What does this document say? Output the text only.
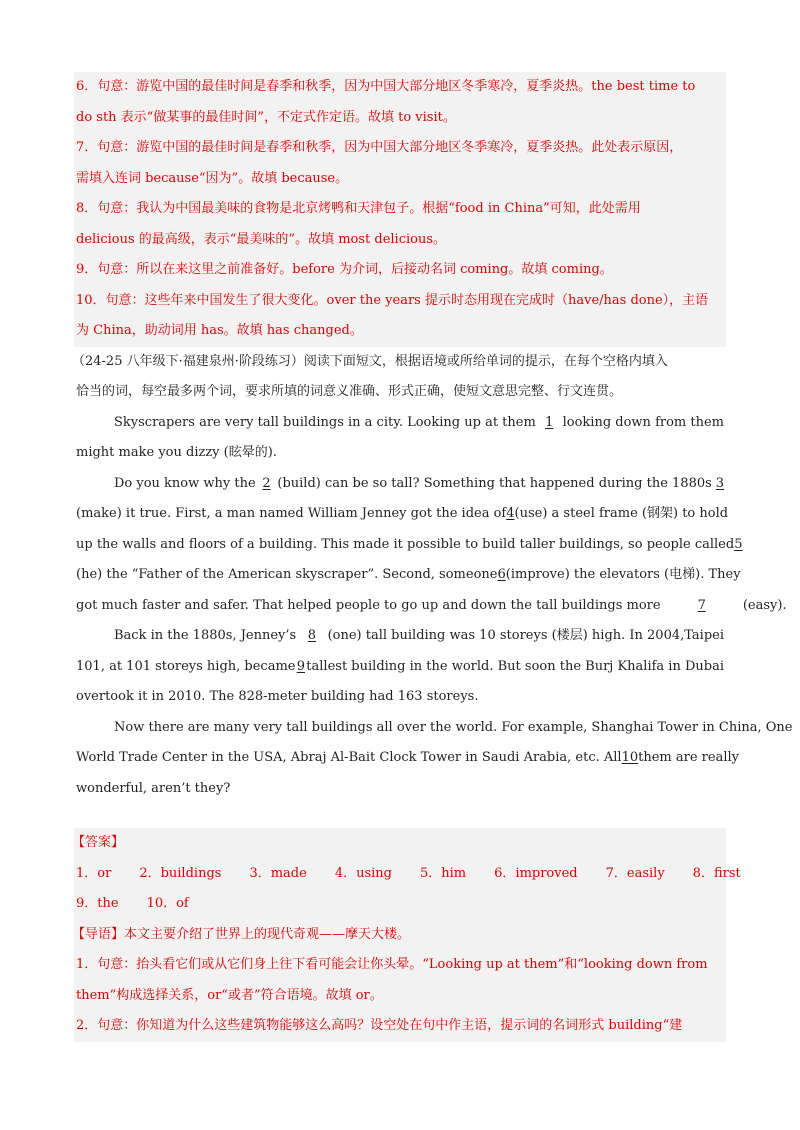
6．句意：游览中国的最佳时间是春季和秋季，因为中国大部分地区冬季寒冷，夏季炎热。the best time to
do sth 表示“做某事的最佳时间”，不定式作定语。故填 to visit。
7．句意：游览中国的最佳时间是春季和秋季，因为中国大部分地区冬季寒冷，夏季炎热。此处表示原因，
需填入连词 because“因为”。故填 because。
8．句意：我认为中国最美味的食物是北京烤鸭和天津包子。根据“food in China”可知，此处需用
delicious 的最高级，表示“最美味的”。故填 most delicious。
9．句意：所以在来这里之前准备好。before 为介词，后接动名词 coming。故填 coming。
10．句意：这些年来中国发生了很大变化。over the years 提示时态用现在完成时（have/has done），主语
为 China，助动词用 has。故填 has changed。
（24-25 八年级下·福建泉州·阶段练习）阅读下面短文，根据语境或所给单词的提示，在每个空格内填入
恰当的词，每空最多两个词，要求所填的词意义准确、形式正确，使短文意思完整、行文连贯。
Skyscrapers are very tall buildings in a city. Looking up at them 1 looking down from them
might make you dizzy (眩晕的).
Do you know why the 2 (build) can be so tall? Something that happened during the 1880s 3
(make) it true. First, a man named William Jenney got the idea of 4 (use) a steel frame (钢架) to hold
up the walls and floors of a building. This made it possible to build taller buildings, so people called 5
(he) the “Father of the American skyscraper”. Second, someone 6 (improve) the elevators (电梯). They
got much faster and safer. That helped people to go up and down the tall buildings more	7	(easy).
Back in the 1880s, Jenney’s 8 (one) tall building was 10 storeys (楼层) high. In 2004,Taipei
101, at 101 storeys high, became 9 tallest building in the world. But soon the Burj Khalifa in Dubai
overtook it in 2010. The 828-meter building had 163 storeys.
Now there are many very tall buildings all over the world. For example, Shanghai Tower in China, One
World Trade Center in the USA, Abraj Al-Bait Clock Tower in Saudi Arabia, etc. All 10 them are really
wonderful, aren’t they?
【答案】
1．or 2．buildings 3．made 4．using 5．him 6．improved 7．easily 8．first
9．the 10．of
【导语】本文主要介绍了世界上的现代奇观——摩天大楼。
1．句意：抬头看它们或从它们身上往下看可能会让你头晕。“Looking up at them”和“looking down from
them”构成选择关系，or“或者”符合语境。故填 or。
2．句意：你知道为什么这些建筑物能够这么高吗？设空处在句中作主语，提示词的名词形式 building“建
